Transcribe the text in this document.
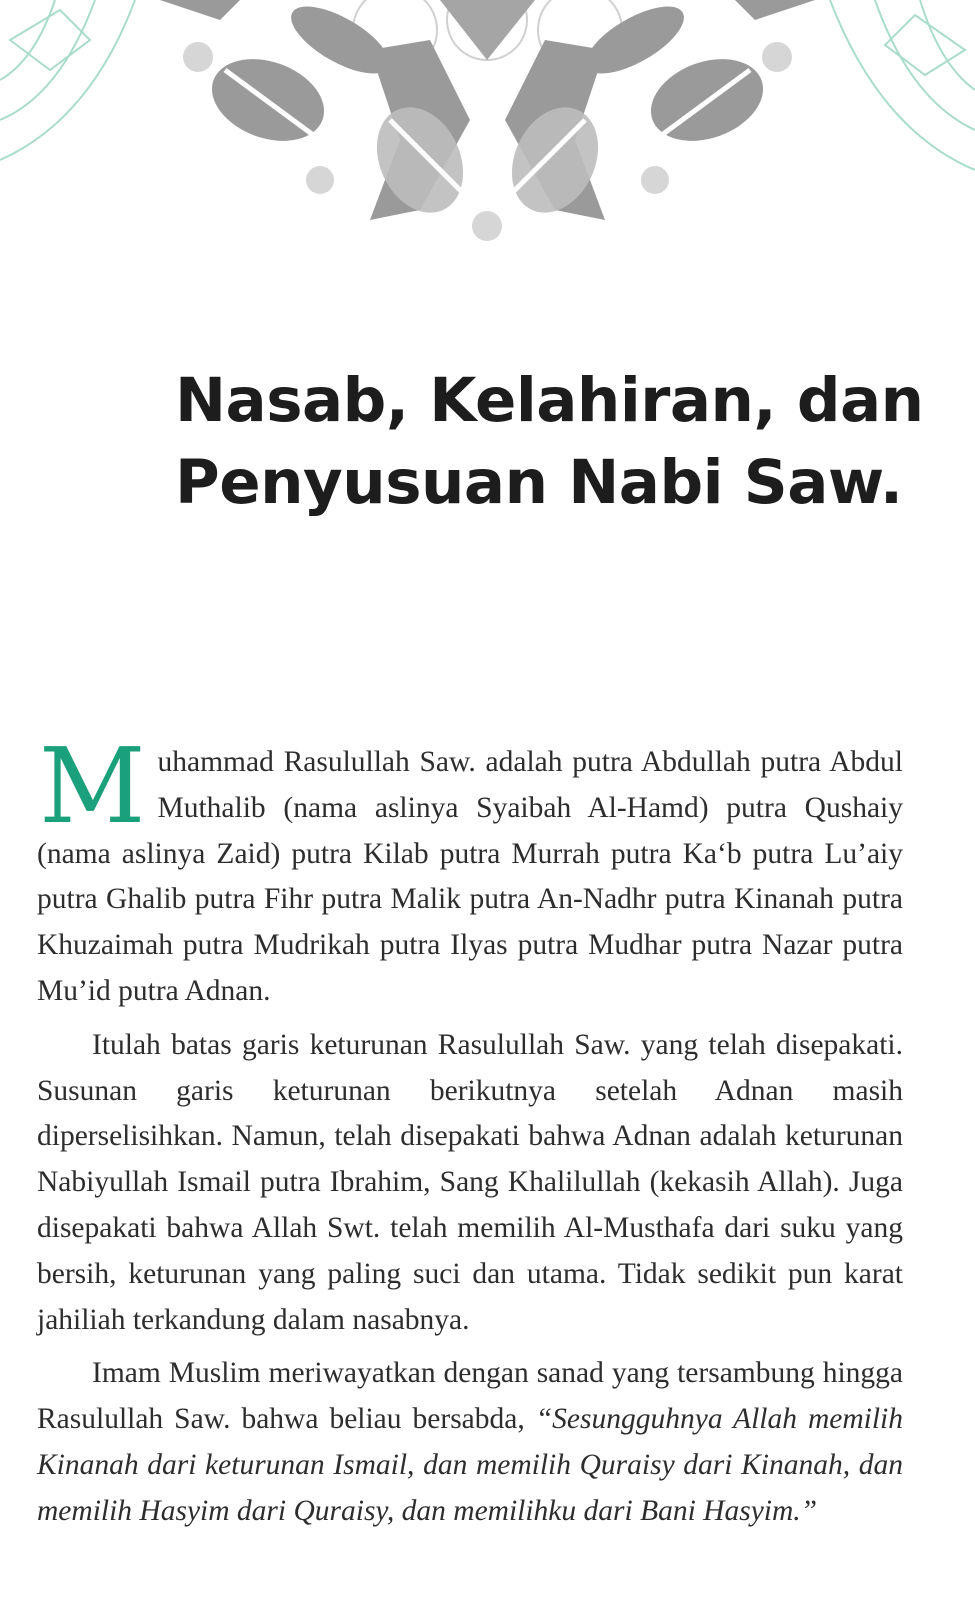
Nasab, Kelahiran, dan
Penyusuan Nabi Saw.

Muhammad Rasulullah Saw. adalah putra Abdullah putra Abdul Muthalib (nama aslinya Syaibah Al-Hamd) putra Qushaiy (nama aslinya Zaid) putra Kilab putra Murrah putra Ka‘b putra Lu’aiy putra Ghalib putra Fihr putra Malik putra An-Nadhr putra Kinanah putra Khuzaimah putra Mudrikah putra Ilyas putra Mudhar putra Nazar putra Mu’id putra Adnan.

Itulah batas garis keturunan Rasulullah Saw. yang telah disepakati. Susunan garis keturunan berikutnya setelah Adnan masih diperselisihkan. Namun, telah disepakati bahwa Adnan adalah keturunan Nabiyullah Ismail putra Ibrahim, Sang Khalilullah (kekasih Allah). Juga disepakati bahwa Allah Swt. telah memilih Al-Musthafa dari suku yang bersih, keturunan yang paling suci dan utama. Tidak sedikit pun karat jahiliah terkandung dalam nasabnya.

Imam Muslim meriwayatkan dengan sanad yang tersambung hingga Rasulullah Saw. bahwa beliau bersabda, “Sesungguhnya Allah memilih Kinanah dari keturunan Ismail, dan memilih Quraisy dari Kinanah, dan memilih Hasyim dari Quraisy, dan memilihku dari Bani Hasyim.”
